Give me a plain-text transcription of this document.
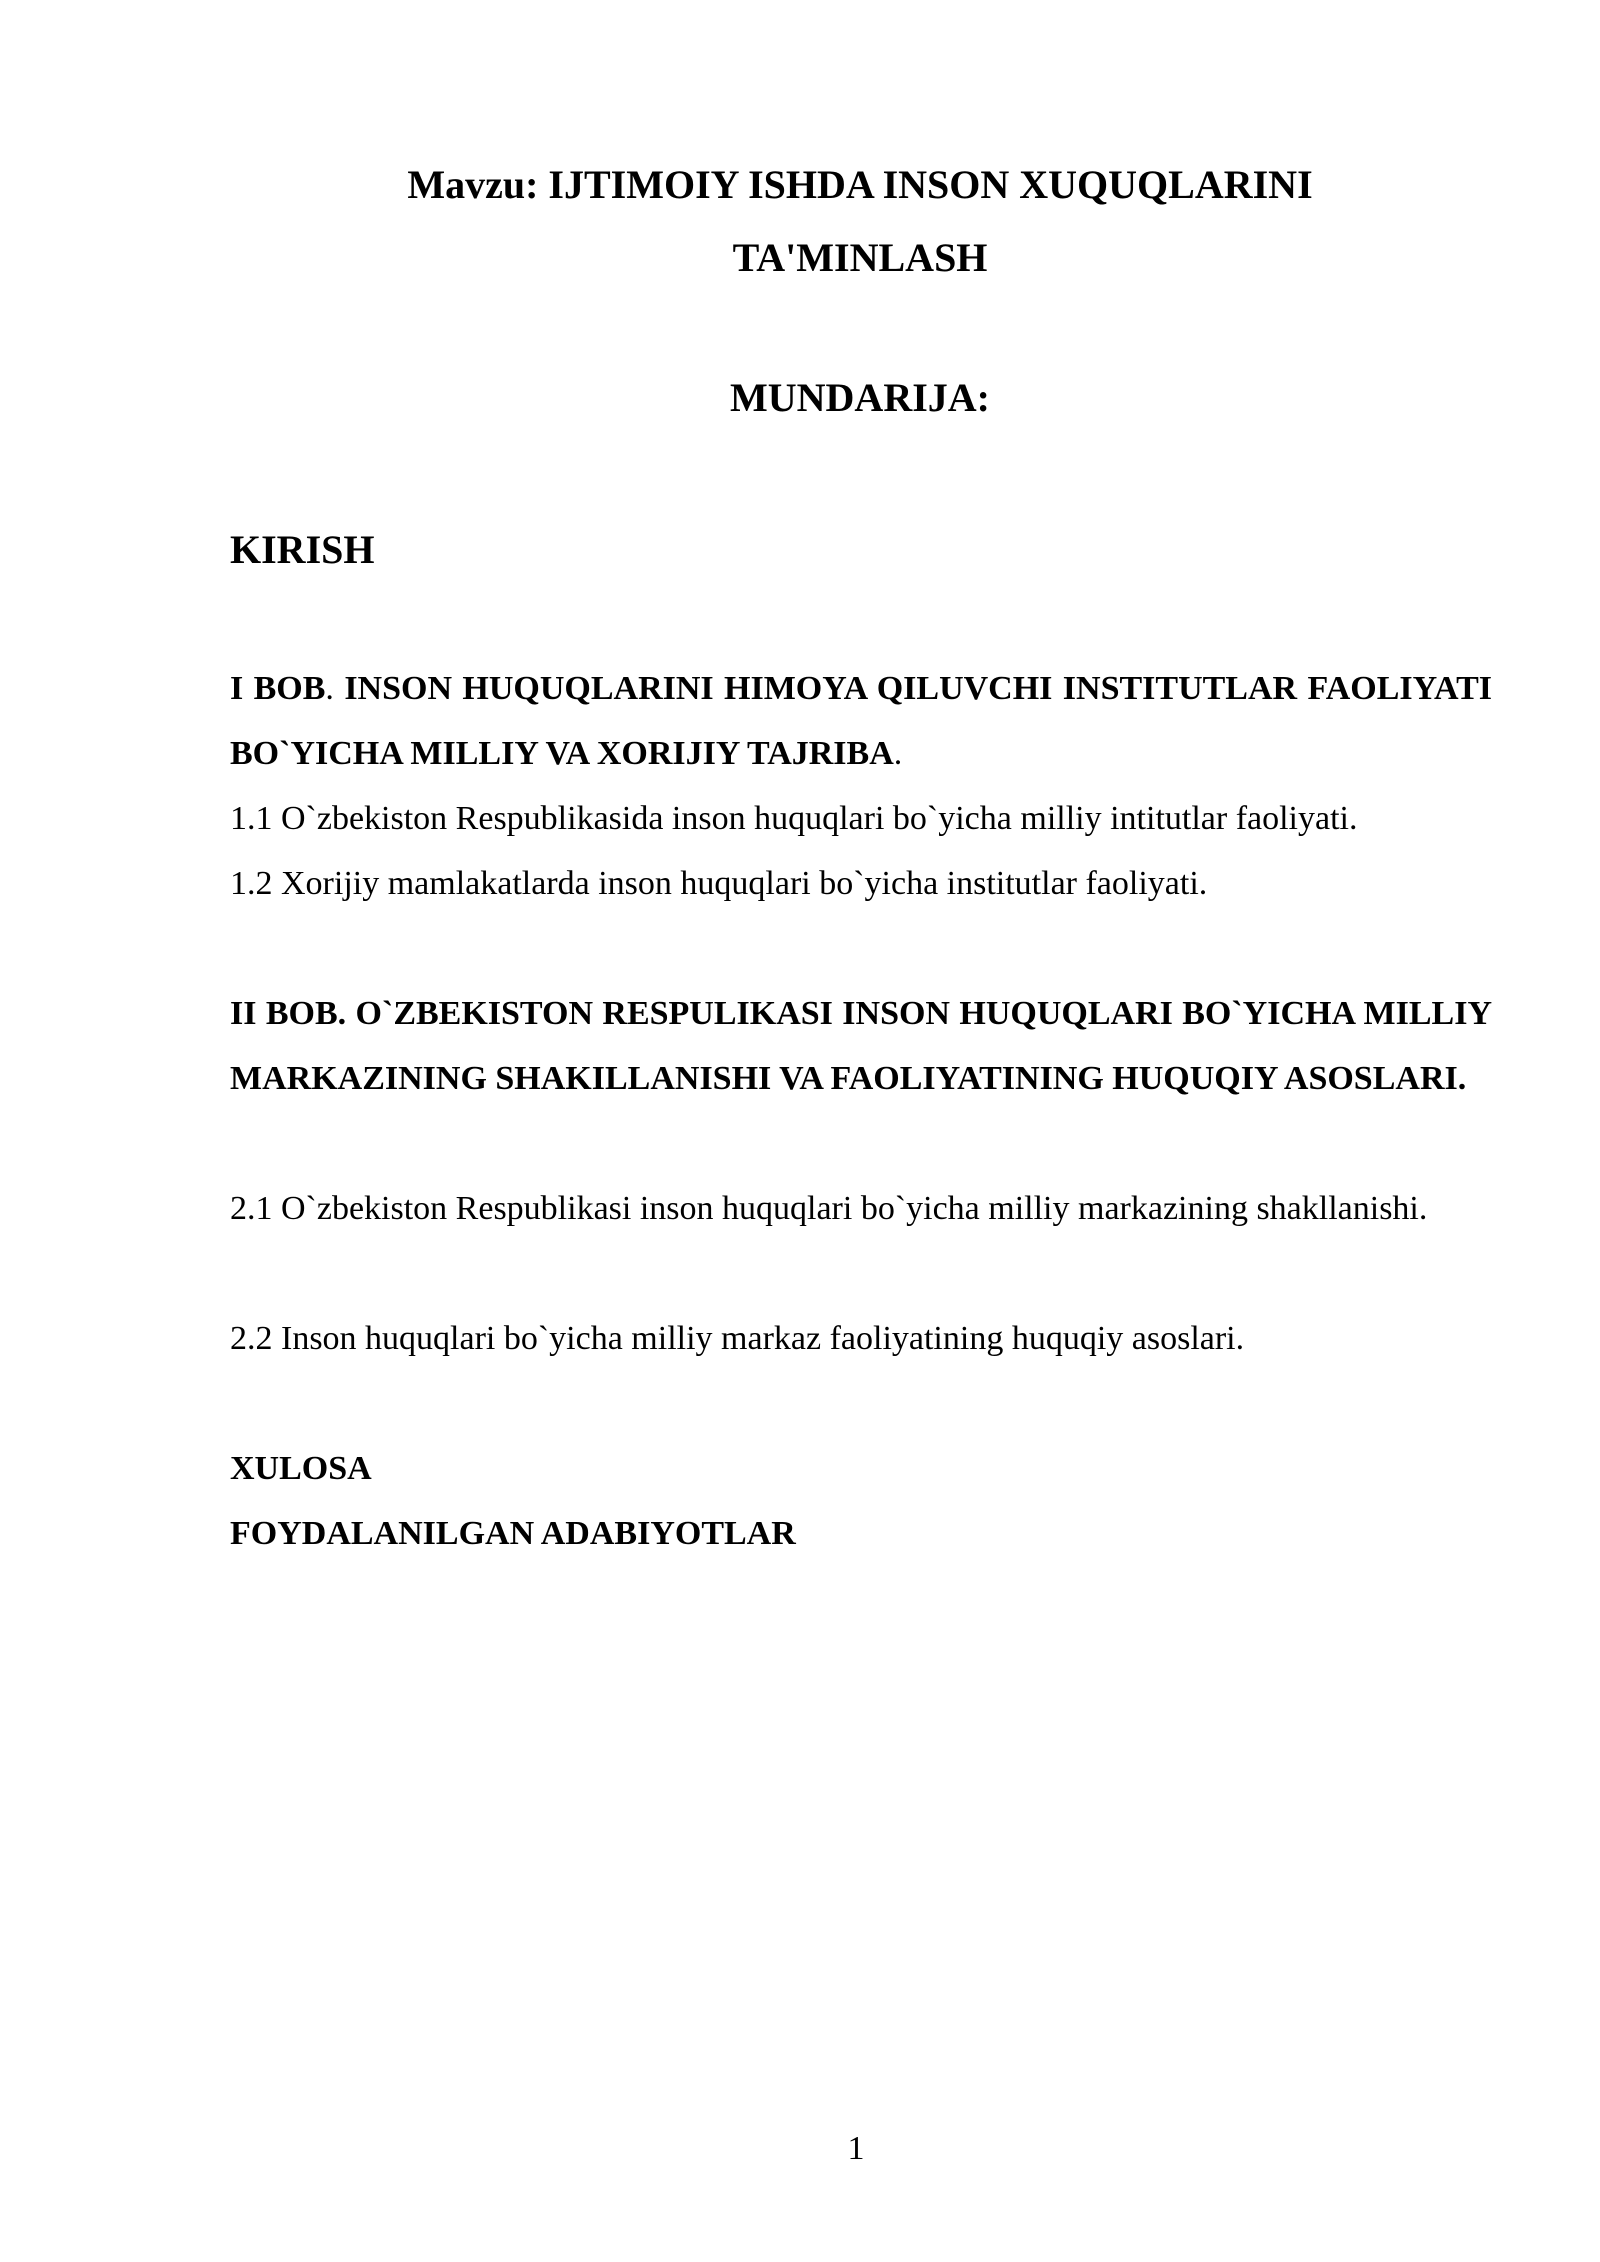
Mavzu: IJTIMOIY ISHDA INSON XUQUQLARINI
TA'MINLASH
MUNDARIJA:
KIRISH
I BOB. INSON HUQUQLARINI HIMOYA QILUVCHI INSTITUTLAR FAOLIYATI BO`YICHA MILLIY VA XORIJIY TAJRIBA.
1.1 O`zbekiston Respublikasida inson huquqlari bo`yicha milliy intitutlar faoliyati.
1.2 Xorijiy mamlakatlarda inson huquqlari bo`yicha institutlar faoliyati.
II BOB. O`ZBEKISTON RESPULIKASI INSON HUQUQLARI BO`YICHA MILLIY MARKAZINING SHAKILLANISHI VA FAOLIYATINING HUQUQIY ASOSLARI.
2.1 O`zbekiston Respublikasi inson huquqlari bo`yicha milliy markazining shakllanishi.
2.2 Inson huquqlari bo`yicha milliy markaz faoliyatining huquqiy asoslari.
XULOSA
FOYDALANILGAN ADABIYOTLAR
1
